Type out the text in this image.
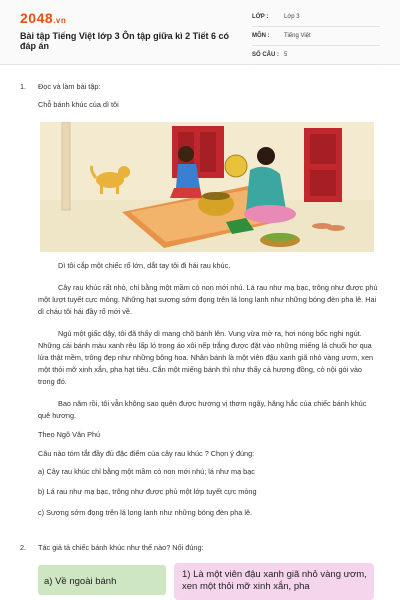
2048.vn
Bài tập Tiếng Việt lớp 3 Ôn tập giữa kì 2 Tiết 6 có đáp án
LỚP :	Lớp 3
MÔN : Tiếng Việt
SỐ CÂU : 5
1. Đọc và làm bài tập:
Chỗ bánh khúc của dì tôi
Dì tôi cắp một chiếc rổ lớn, dắt tay tôi đi hái rau khúc.
Cây rau khúc rất nhỏ, chỉ bằng một mầm cỏ non mới nhú. Lá rau như mạ bạc, trông như được phủ một lượt tuyết cực mỏng. Những hạt sương sớm đọng trên lá long lanh như những bóng đèn pha lê. Hai dì cháu tôi hái đầy rổ mới về.
Ngủ một giấc dậy, tôi đã thấy dì mang chõ bánh lên. Vung vừa mở ra, hơi nóng bốc nghi ngút. Những cái bánh màu xanh rêu lấp ló trong áo xôi nếp trắng được đặt vào những miếng lá chuối hơ qua lửa thật mềm, trông đẹp như những bông hoa. Nhân bánh là một viên đậu xanh giã nhỏ vàng ươm, xen một thỏi mỡ xinh xắn, pha hạt tiêu. Cắn một miếng bánh thì như thấy cả hương đồng, cỏ nội gói vào trong đó.
Bao năm rồi, tôi vẫn không sao quên được hương vị thơm ngậy, hăng hắc của chiếc bánh khúc quê hương.
Theo Ngô Văn Phú
Câu nào tóm tắt đầy đủ đặc điểm của cây rau khúc ? Chọn ý đúng:
a) Cây rau khúc chỉ bằng một mầm cỏ non mới nhú; lá như mạ bạc
b) Lá rau như mạ bạc, trông như được phủ một lớp tuyết cực mỏng
c) Sương sớm đọng trên lá long lanh như những bóng đèn pha lê.
2. Tác giả tả chiếc bánh khúc như thế nào? Nối đúng:
a) Về ngoài bánh
1) Là một viên đậu xanh giã nhỏ vàng ươm, xen một thỏi mỡ xinh xắn, pha
